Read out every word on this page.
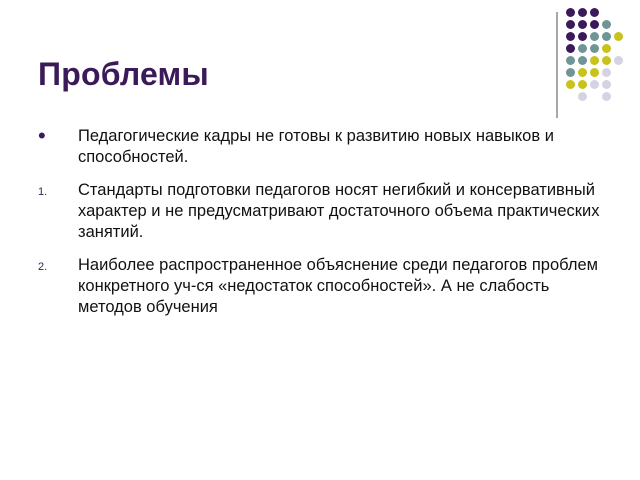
Проблемы
• Педагогические кадры не готовы к развитию новых навыков и способностей.
1. Стандарты подготовки педагогов носят негибкий и консервативный характер и не предусматривают достаточного объема практических занятий.
2. Наиболее распространенное объяснение среди педагогов проблем конкретного уч-ся «недостаток способностей». А не слабость методов обучения
